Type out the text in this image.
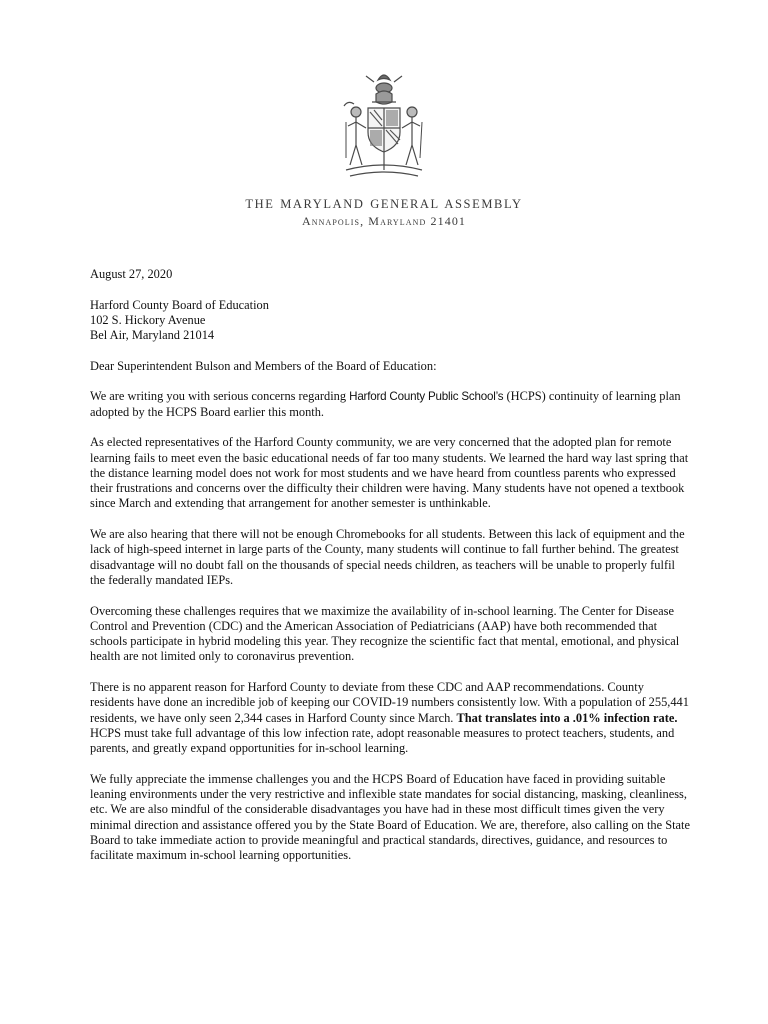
THE MARYLAND GENERAL ASSEMBLY
Annapolis, Maryland 21401

August 27, 2020

Harford County Board of Education
102 S. Hickory Avenue
Bel Air, Maryland 21014

Dear Superintendent Bulson and Members of the Board of Education:

We are writing you with serious concerns regarding Harford County Public School’s (HCPS) continuity of learning plan adopted by the HCPS Board earlier this month.

As elected representatives of the Harford County community, we are very concerned that the adopted plan for remote learning fails to meet even the basic educational needs of far too many students. We learned the hard way last spring that the distance learning model does not work for most students and we have heard from countless parents who expressed their frustrations and concerns over the difficulty their children were having. Many students have not opened a textbook since March and extending that arrangement for another semester is unthinkable.

We are also hearing that there will not be enough Chromebooks for all students. Between this lack of equipment and the lack of high-speed internet in large parts of the County, many students will continue to fall further behind. The greatest disadvantage will no doubt fall on the thousands of special needs children, as teachers will be unable to properly fulfil the federally mandated IEPs.

Overcoming these challenges requires that we maximize the availability of in-school learning. The Center for Disease Control and Prevention (CDC) and the American Association of Pediatricians (AAP) have both recommended that schools participate in hybrid modeling this year. They recognize the scientific fact that mental, emotional, and physical health are not limited only to coronavirus prevention.

There is no apparent reason for Harford County to deviate from these CDC and AAP recommendations. County residents have done an incredible job of keeping our COVID-19 numbers consistently low. With a population of 255,441 residents, we have only seen 2,344 cases in Harford County since March. That translates into a .01% infection rate. HCPS must take full advantage of this low infection rate, adopt reasonable measures to protect teachers, students, and parents, and greatly expand opportunities for in-school learning.

We fully appreciate the immense challenges you and the HCPS Board of Education have faced in providing suitable leaning environments under the very restrictive and inflexible state mandates for social distancing, masking, cleanliness, etc. We are also mindful of the considerable disadvantages you have had in these most difficult times given the very minimal direction and assistance offered you by the State Board of Education. We are, therefore, also calling on the State Board to take immediate action to provide meaningful and practical standards, directives, guidance, and resources to facilitate maximum in-school learning opportunities.
